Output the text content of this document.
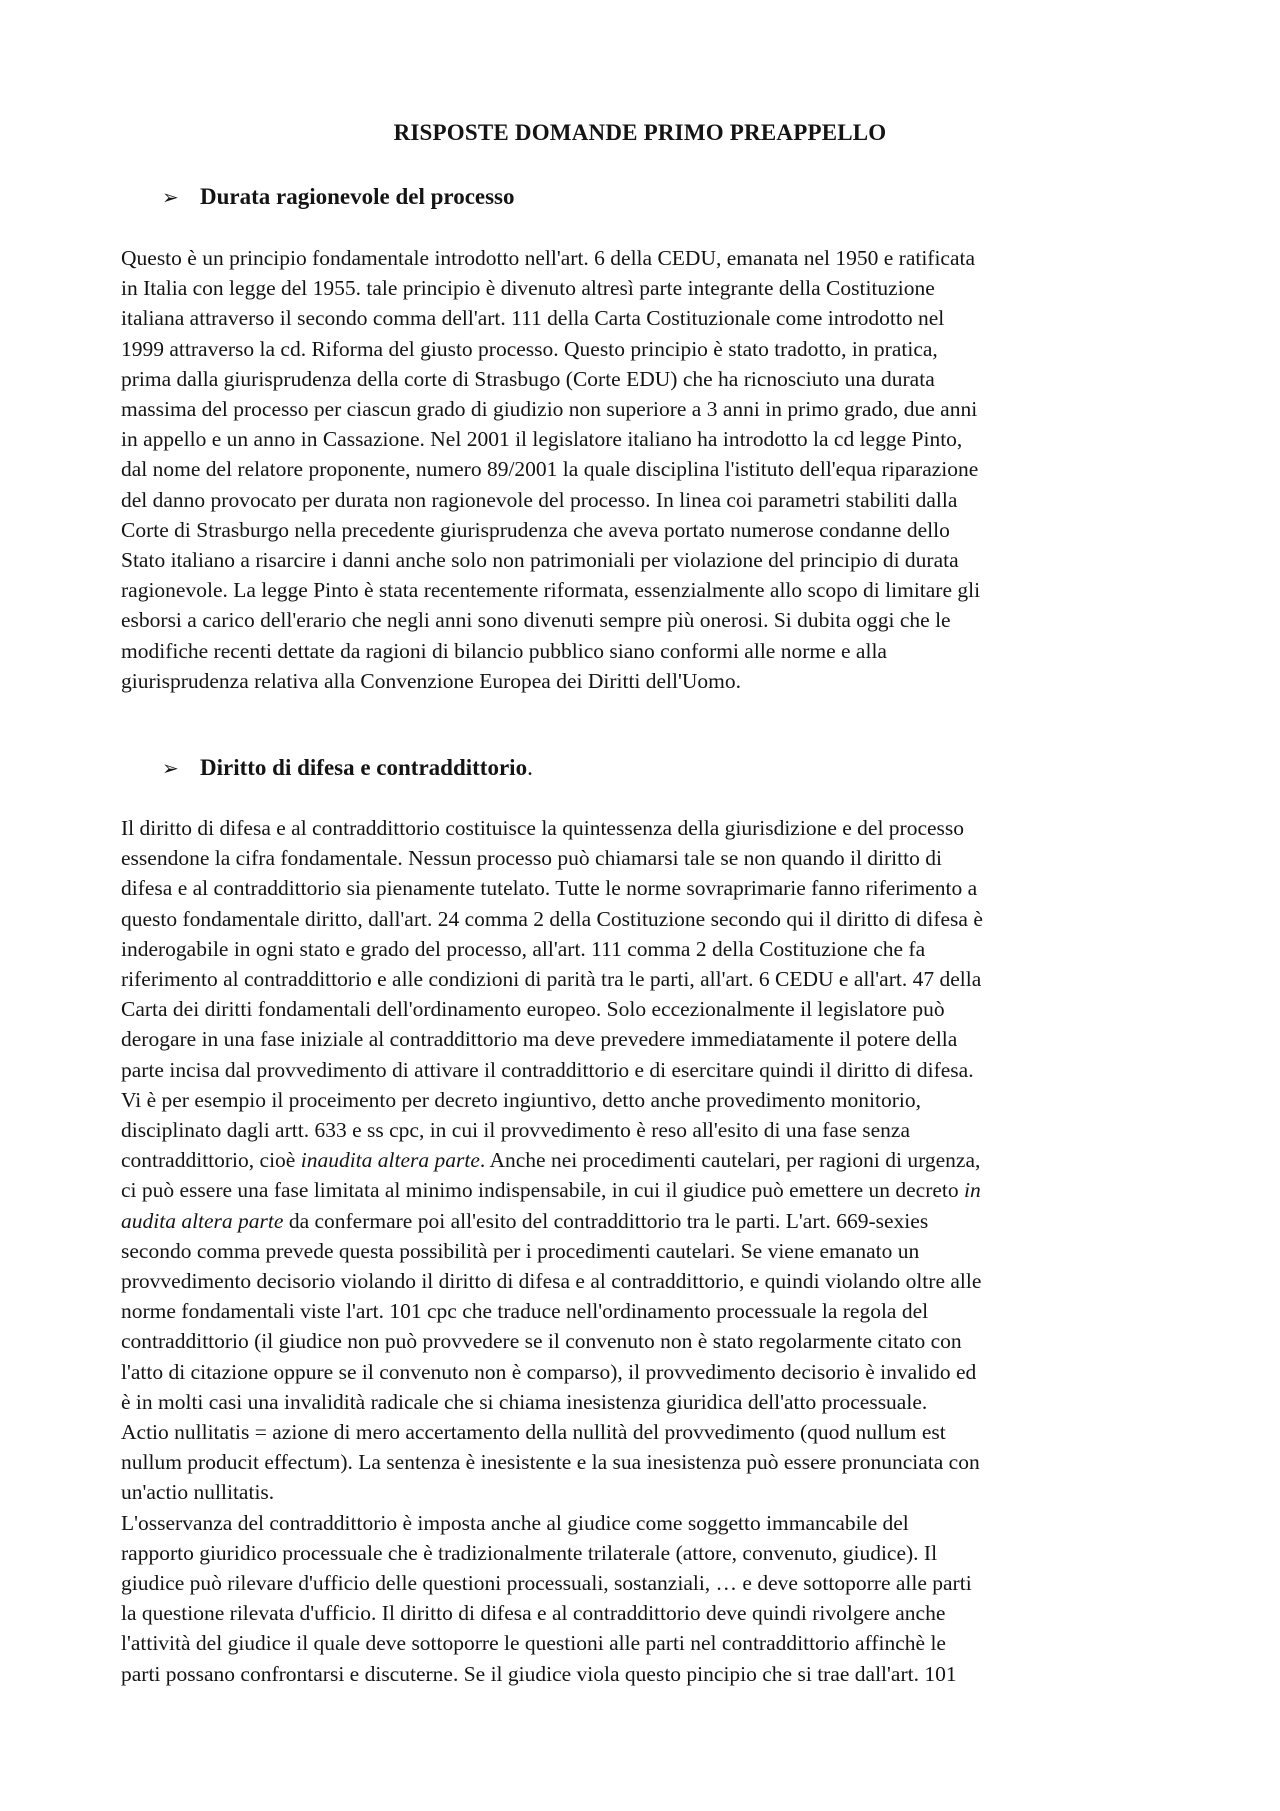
RISPOSTE DOMANDE PRIMO PREAPPELLO
➢ Durata ragionevole del processo
Questo è un principio fondamentale introdotto nell'art. 6 della CEDU, emanata nel 1950 e ratificata
in Italia con legge del 1955. tale principio è divenuto altresì parte integrante della Costituzione
italiana attraverso il secondo comma dell'art. 111 della Carta Costituzionale come introdotto nel
1999 attraverso la cd. Riforma del giusto processo. Questo principio è stato tradotto, in pratica,
prima dalla giurisprudenza della corte di Strasbugo (Corte EDU) che ha ricnosciuto una durata
massima del processo per ciascun grado di giudizio non superiore a 3 anni in primo grado, due anni
in appello e un anno in Cassazione. Nel 2001 il legislatore italiano ha introdotto la cd legge Pinto,
dal nome del relatore proponente, numero 89/2001 la quale disciplina l'istituto dell'equa riparazione
del danno provocato per durata non ragionevole del processo. In linea coi parametri stabiliti dalla
Corte di Strasburgo nella precedente giurisprudenza che aveva portato numerose condanne dello
Stato italiano a risarcire i danni anche solo non patrimoniali per violazione del principio di durata
ragionevole. La legge Pinto è stata recentemente riformata, essenzialmente allo scopo di limitare gli
esborsi a carico dell'erario che negli anni sono divenuti sempre più onerosi. Si dubita oggi che le
modifiche recenti dettate da ragioni di bilancio pubblico siano conformi alle norme e alla
giurisprudenza relativa alla Convenzione Europea dei Diritti dell'Uomo.
➢ Diritto di difesa e contraddittorio.
Il diritto di difesa e al contraddittorio costituisce la quintessenza della giurisdizione e del processo
essendone la cifra fondamentale. Nessun processo può chiamarsi tale se non quando il diritto di
difesa e al contraddittorio sia pienamente tutelato. Tutte le norme sovraprimarie fanno riferimento a
questo fondamentale diritto, dall'art. 24 comma 2 della Costituzione secondo qui il diritto di difesa è
inderogabile in ogni stato e grado del processo, all'art. 111 comma 2 della Costituzione che fa
riferimento al contraddittorio e alle condizioni di parità tra le parti, all'art. 6 CEDU e all'art. 47 della
Carta dei diritti fondamentali dell'ordinamento europeo. Solo eccezionalmente il legislatore può
derogare in una fase iniziale al contraddittorio ma deve prevedere immediatamente il potere della
parte incisa dal provvedimento di attivare il contraddittorio e di esercitare quindi il diritto di difesa.
Vi è per esempio il proceimento per decreto ingiuntivo, detto anche provedimento monitorio,
disciplinato dagli artt. 633 e ss cpc, in cui il provvedimento è reso all'esito di una fase senza
contraddittorio, cioè inaudita altera parte. Anche nei procedimenti cautelari, per ragioni di urgenza,
ci può essere una fase limitata al minimo indispensabile, in cui il giudice può emettere un decreto in
audita altera parte da confermare poi all'esito del contraddittorio tra le parti. L'art. 669-sexies
secondo comma prevede questa possibilità per i procedimenti cautelari. Se viene emanato un
provvedimento decisorio violando il diritto di difesa e al contraddittorio, e quindi violando oltre alle
norme fondamentali viste l'art. 101 cpc che traduce nell'ordinamento processuale la regola del
contraddittorio (il giudice non può provvedere se il convenuto non è stato regolarmente citato con
l'atto di citazione oppure se il convenuto non è comparso), il provvedimento decisorio è invalido ed
è in molti casi una invalidità radicale che si chiama inesistenza giuridica dell'atto processuale.
Actio nullitatis = azione di mero accertamento della nullità del provvedimento (quod nullum est
nullum producit effectum). La sentenza è inesistente e la sua inesistenza può essere pronunciata con
un'actio nullitatis.
L'osservanza del contraddittorio è imposta anche al giudice come soggetto immancabile del
rapporto giuridico processuale che è tradizionalmente trilaterale (attore, convenuto, giudice). Il
giudice può rilevare d'ufficio delle questioni processuali, sostanziali, … e deve sottoporre alle parti
la questione rilevata d'ufficio. Il diritto di difesa e al contraddittorio deve quindi rivolgere anche
l'attività del giudice il quale deve sottoporre le questioni alle parti nel contraddittorio affinchè le
parti possano confrontarsi e discuterne. Se il giudice viola questo pincipio che si trae dall'art. 101
